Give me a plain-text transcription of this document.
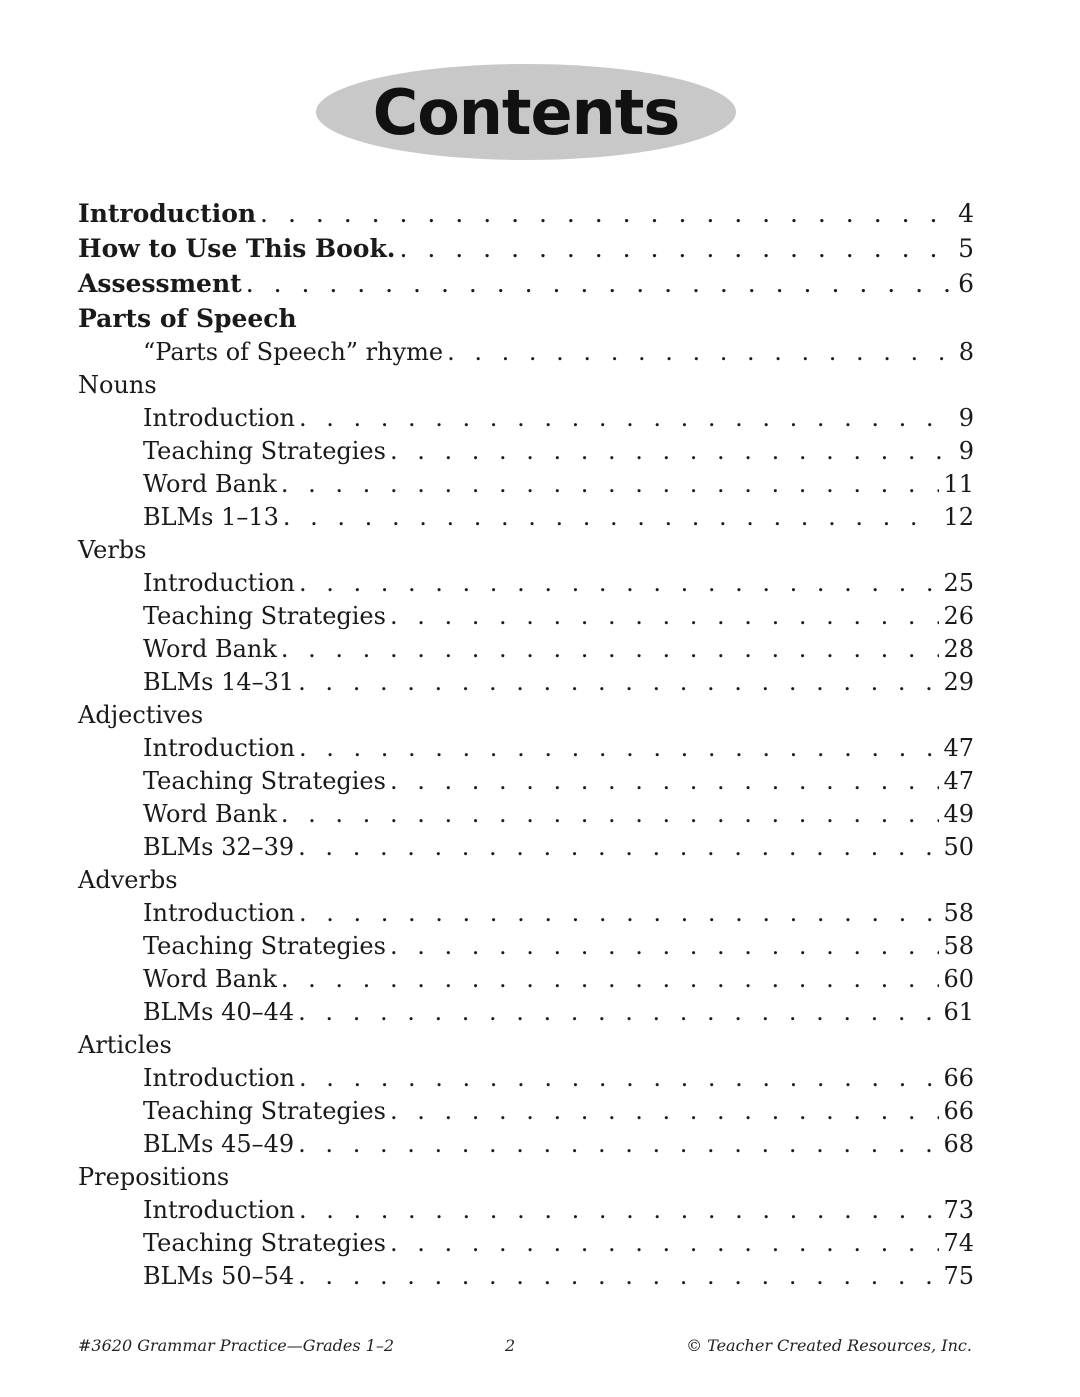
Contents
Introduction . . .	4
How to Use This Book. . . .	5
Assessment . . .	6
Parts of Speech
“Parts of Speech” rhyme . . .	8
Nouns
Introduction . . .	9
Teaching Strategies . . .	9
Word Bank . . .	11
BLMs 1–13 . . .	12
Verbs
Introduction . . .	25
Teaching Strategies . . .	26
Word Bank . . .	28
BLMs 14–31 . . .	29
Adjectives
Introduction . . .	47
Teaching Strategies . . .	47
Word Bank . . .	49
BLMs 32–39 . . .	50
Adverbs
Introduction . . .	58
Teaching Strategies . . .	58
Word Bank . . .	60
BLMs 40–44 . . .	61
Articles
Introduction . . .	66
Teaching Strategies . . .	66
BLMs 45–49 . . .	68
Prepositions
Introduction . . .	73
Teaching Strategies . . .	74
BLMs 50–54 . . .	75
#3620 Grammar Practice—Grades 1–2	2	© Teacher Created Resources, Inc.
